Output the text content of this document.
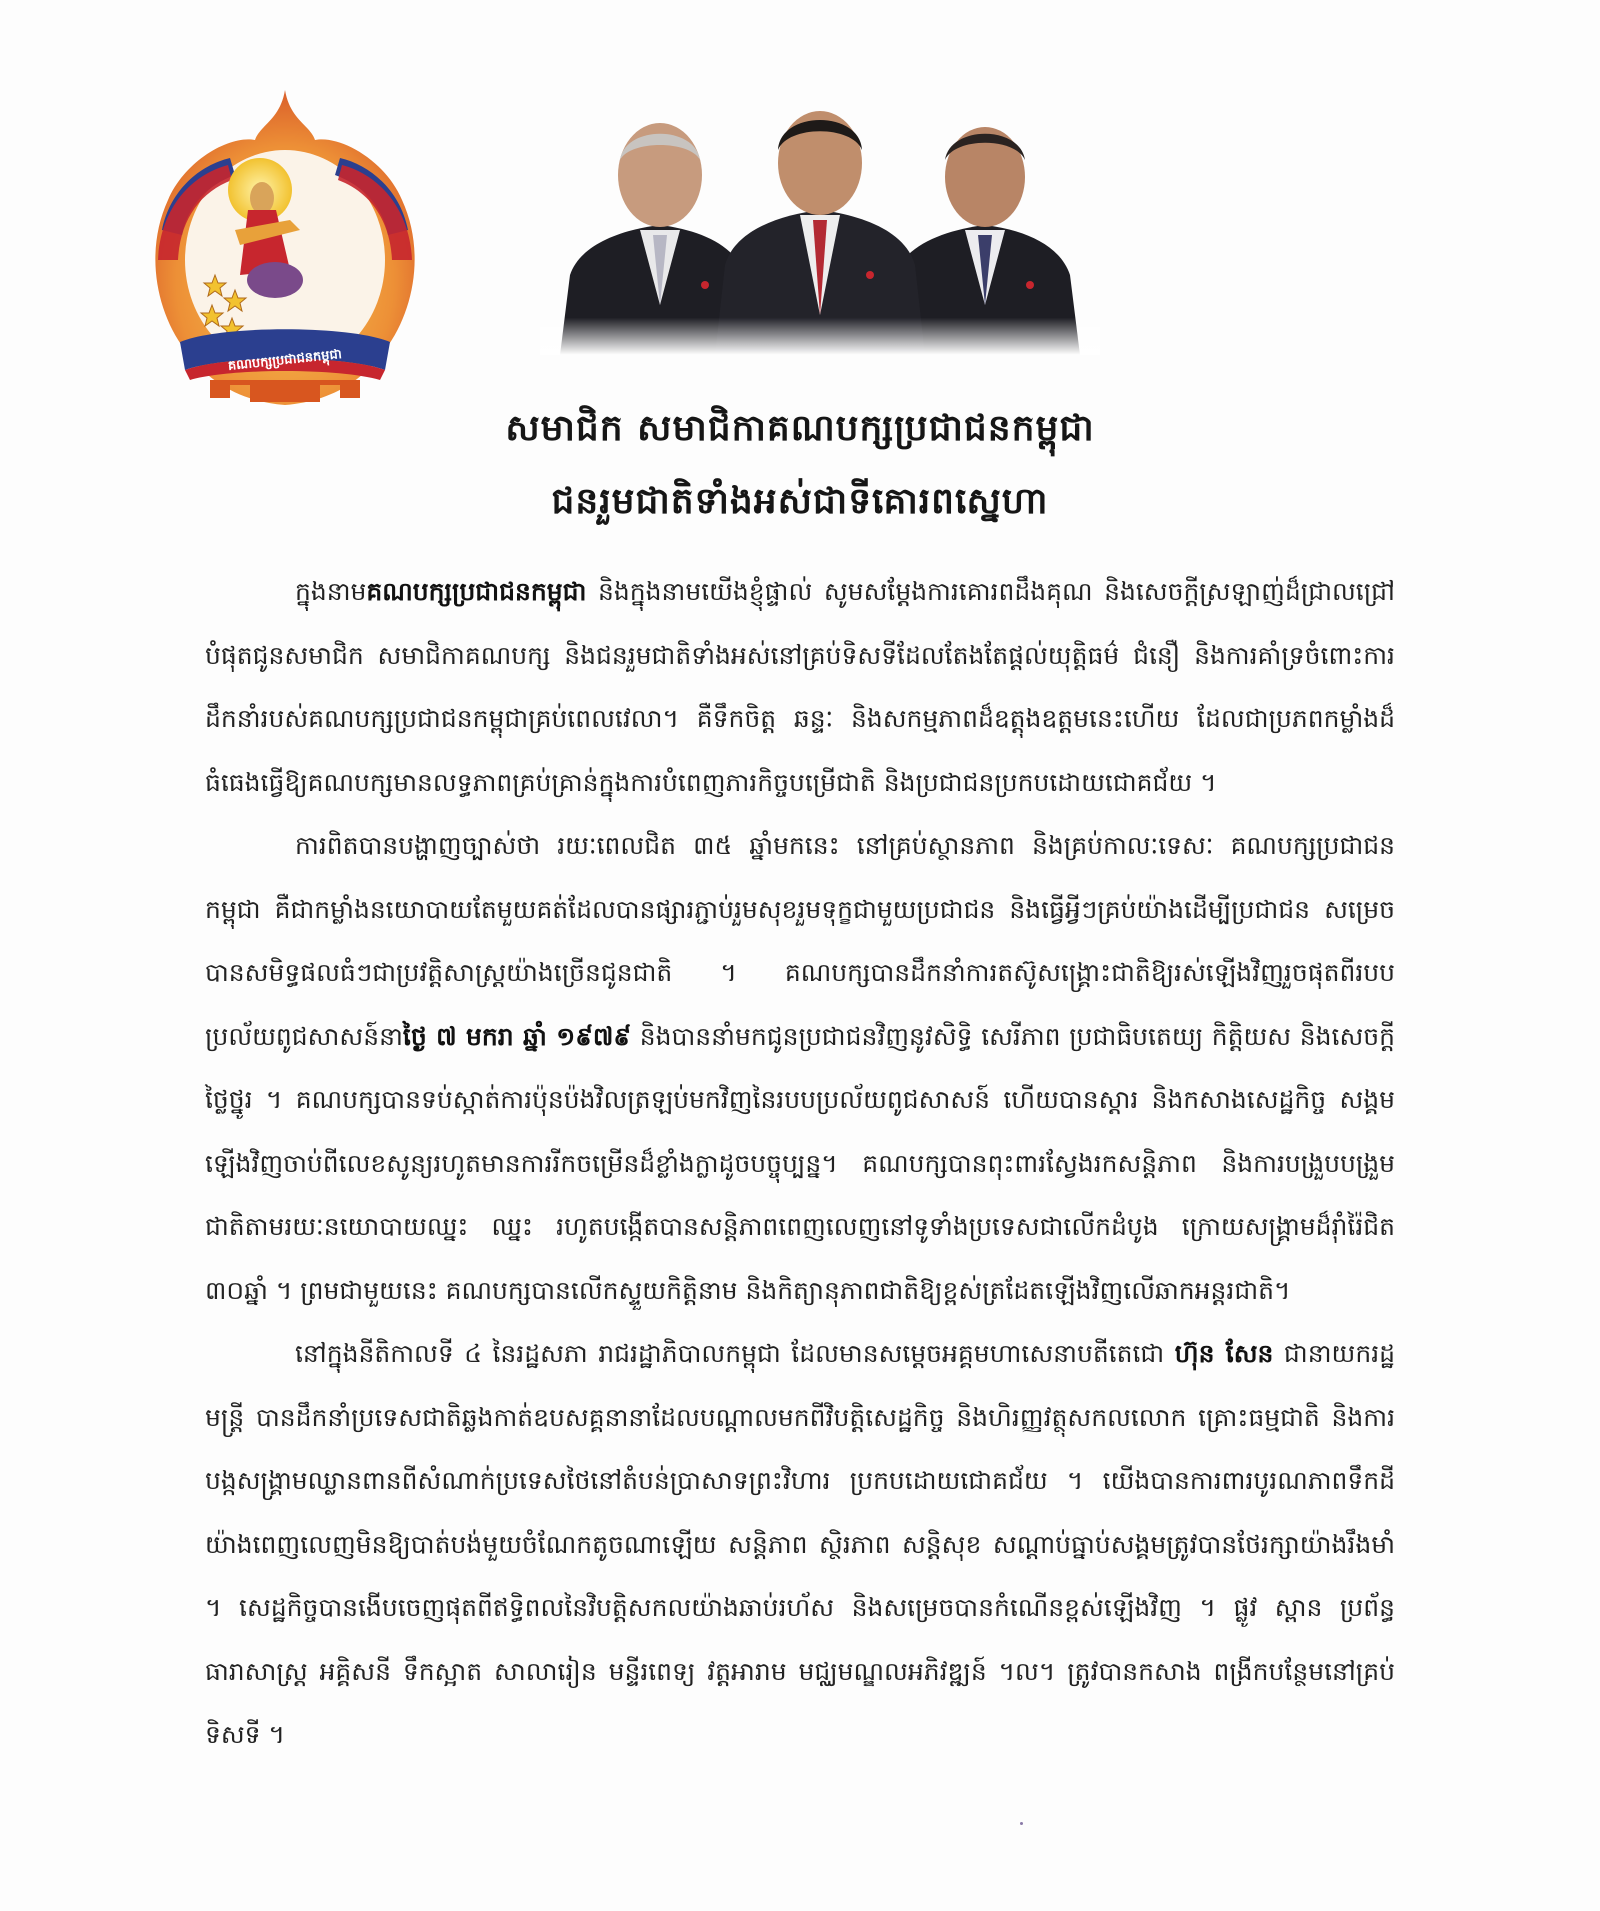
គណបក្សប្រជាជនកម្ពុជា
សមាជិក សមាជិកាគណបក្សប្រជាជនកម្ពុជា
ជនរួមជាតិទាំងអស់ជាទីគោរពស្នេហា

ក្នុងនាមគណបក្សប្រជាជនកម្ពុជា និងក្នុងនាមយើងខ្ញុំផ្ទាល់ សូមសម្តែងការគោរពដឹងគុណ និងសេចក្តីស្រឡាញ់ដ៏ជ្រាលជ្រៅបំផុតជូនសមាជិក សមាជិកាគណបក្ស និងជនរួមជាតិទាំងអស់នៅគ្រប់ទិសទីដែលតែងតែផ្តល់យុត្តិធម៌ ជំនឿ និងការគាំទ្រចំពោះការដឹកនាំរបស់គណបក្សប្រជាជនកម្ពុជាគ្រប់ពេលវេលា។ គឺទឹកចិត្ត ឆន្ទៈ និងសកម្មភាពដ៏ឧត្តុងឧត្តមនេះហើយ ដែលជាប្រភពកម្លាំងដ៏ធំធេងធ្វើឱ្យគណបក្សមានលទ្ធភាពគ្រប់គ្រាន់ក្នុងការបំពេញភារកិច្ចបម្រើជាតិ និងប្រជាជនប្រកបដោយជោគជ័យ ។

ការពិតបានបង្ហាញច្បាស់ថា រយៈពេលជិត ៣៥ ឆ្នាំមកនេះ នៅគ្រប់ស្ថានភាព និងគ្រប់កាលៈទេសៈ គណបក្សប្រជាជនកម្ពុជា គឺជាកម្លាំងនយោបាយតែមួយគត់ដែលបានផ្សារភ្ជាប់រួមសុខរួមទុក្ខជាមួយប្រជាជន និងធ្វើអ្វីៗគ្រប់យ៉ាងដើម្បីប្រជាជន សម្រេចបានសមិទ្ធផលធំៗជាប្រវត្តិសាស្ត្រយ៉ាងច្រើនជូនជាតិ ។ គណបក្សបានដឹកនាំការតស៊ូសង្គ្រោះជាតិឱ្យរស់ឡើងវិញរួចផុតពីរបបប្រល័យពូជសាសន៍នាថ្ងៃ ៧ មករា ឆ្នាំ ១៩៧៩ និងបាននាំមកជូនប្រជាជនវិញនូវសិទ្ធិ សេរីភាព ប្រជាធិបតេយ្យ កិត្តិយស និងសេចក្តីថ្លៃថ្នូរ ។ គណបក្សបានទប់ស្កាត់ការប៉ុនប៉ងវិលត្រឡប់មកវិញនៃរបបប្រល័យពូជសាសន៍ ហើយបានស្តារ និងកសាងសេដ្ឋកិច្ច សង្គមឡើងវិញចាប់ពីលេខសូន្យរហូតមានការរីកចម្រើនដ៏ខ្លាំងក្លាដូចបច្ចុប្បន្ន។ គណបក្សបានពុះពារស្វែងរកសន្តិភាព និងការបង្រួបបង្រួមជាតិតាមរយៈនយោបាយឈ្នះ ឈ្នះ រហូតបង្កើតបានសន្តិភាពពេញលេញនៅទូទាំងប្រទេសជាលើកដំបូង ក្រោយសង្គ្រាមដ៏រ៉ាំរ៉ៃជិត ៣០ឆ្នាំ ។ ព្រមជាមួយនេះ គណបក្សបានលើកស្ទួយកិត្តិនាម និងកិត្យានុភាពជាតិឱ្យខ្ពស់ត្រដែតឡើងវិញលើឆាកអន្តរជាតិ។

នៅក្នុងនីតិកាលទី ៤ នៃរដ្ឋសភា រាជរដ្ឋាភិបាលកម្ពុជា ដែលមានសម្តេចអគ្គមហាសេនាបតីតេជោ ហ៊ុន សែន ជានាយករដ្ឋមន្ត្រី បានដឹកនាំប្រទេសជាតិឆ្លងកាត់ឧបសគ្គនានាដែលបណ្តាលមកពីវិបត្តិសេដ្ឋកិច្ច និងហិរញ្ញវត្ថុសកលលោក គ្រោះធម្មជាតិ និងការបង្កសង្គ្រាមឈ្លានពានពីសំណាក់ប្រទេសថៃនៅតំបន់ប្រាសាទព្រះវិហារ ប្រកបដោយជោគជ័យ ។ យើងបានការពារបូរណភាពទឹកដីយ៉ាងពេញលេញមិនឱ្យបាត់បង់មួយចំណែកតូចណាឡើយ សន្តិភាព ស្ថិរភាព សន្តិសុខ សណ្តាប់ធ្នាប់សង្គមត្រូវបានថែរក្សាយ៉ាងរឹងមាំ ។ សេដ្ឋកិច្ចបានងើបចេញផុតពីឥទ្ធិពលនៃវិបត្តិសកលយ៉ាងឆាប់រហ័ស និងសម្រេចបានកំណើនខ្ពស់ឡើងវិញ ។ ផ្លូវ ស្ពាន ប្រព័ន្ធធារាសាស្ត្រ អគ្គិសនី ទឹកស្អាត សាលារៀន មន្ទីរពេទ្យ វត្តអារាម មជ្ឈមណ្ឌលអភិវឌ្ឍន៍ ។ល។ ត្រូវបានកសាង ពង្រីកបន្ថែមនៅគ្រប់ទិសទី ។
